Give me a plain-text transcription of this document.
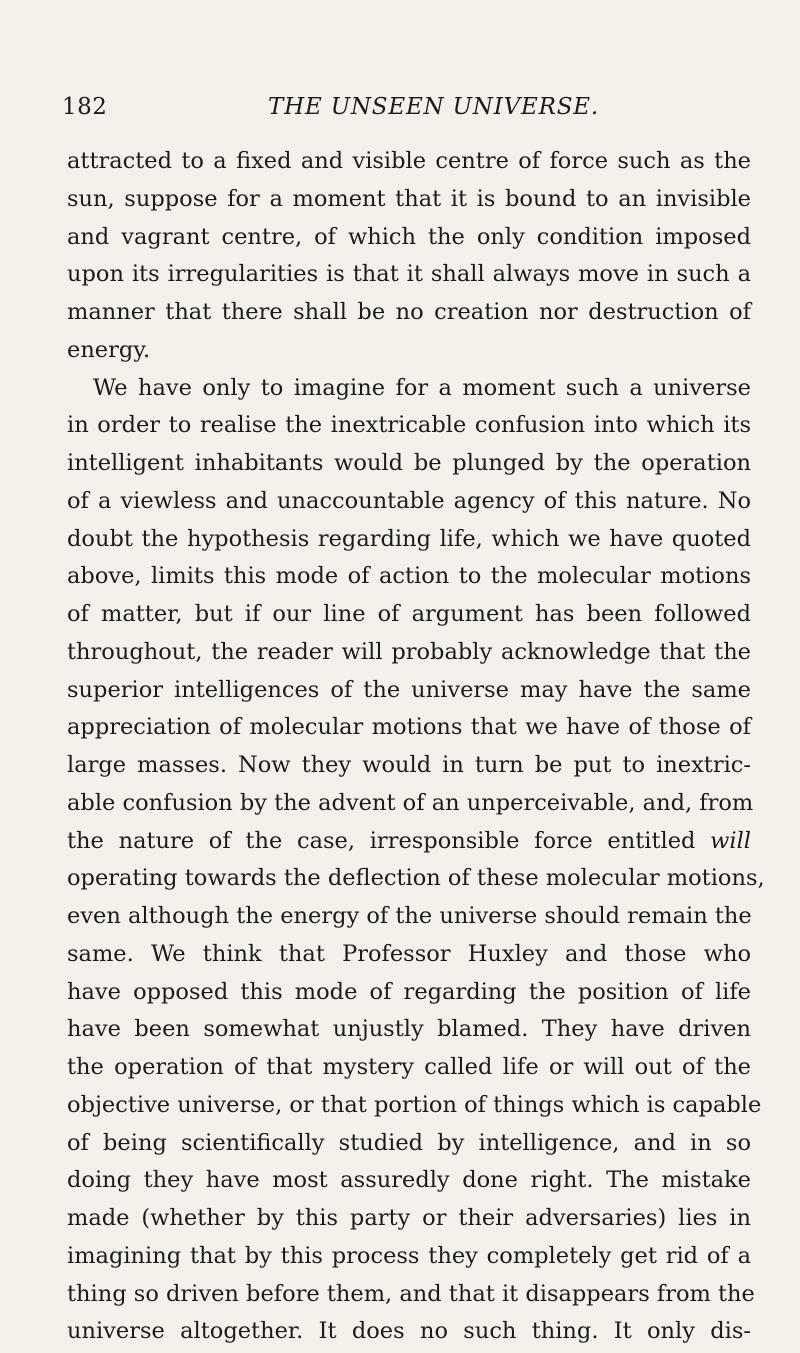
182	THE UNSEEN UNIVERSE.
attracted to a fixed and visible centre of force such as the
sun, suppose for a moment that it is bound to an invisible
and vagrant centre, of which the only condition imposed
upon its irregularities is that it shall always move in such a
manner that there shall be no creation nor destruction of
energy.
We have only to imagine for a moment such a universe
in order to realise the inextricable confusion into which its
intelligent inhabitants would be plunged by the operation
of a viewless and unaccountable agency of this nature. No
doubt the hypothesis regarding life, which we have quoted
above, limits this mode of action to the molecular motions
of matter, but if our line of argument has been followed
throughout, the reader will probably acknowledge that the
superior intelligences of the universe may have the same
appreciation of molecular motions that we have of those of
large masses. Now they would in turn be put to inextric-
able confusion by the advent of an unperceivable, and, from
the nature of the case, irresponsible force entitled will
operating towards the deflection of these molecular motions,
even although the energy of the universe should remain the
same. We think that Professor Huxley and those who
have opposed this mode of regarding the position of life
have been somewhat unjustly blamed. They have driven
the operation of that mystery called life or will out of the
objective universe, or that portion of things which is capable
of being scientifically studied by intelligence, and in so
doing they have most assuredly done right. The mistake
made (whether by this party or their adversaries) lies in
imagining that by this process they completely get rid of a
thing so driven before them, and that it disappears from the
universe altogether. It does no such thing. It only dis-
